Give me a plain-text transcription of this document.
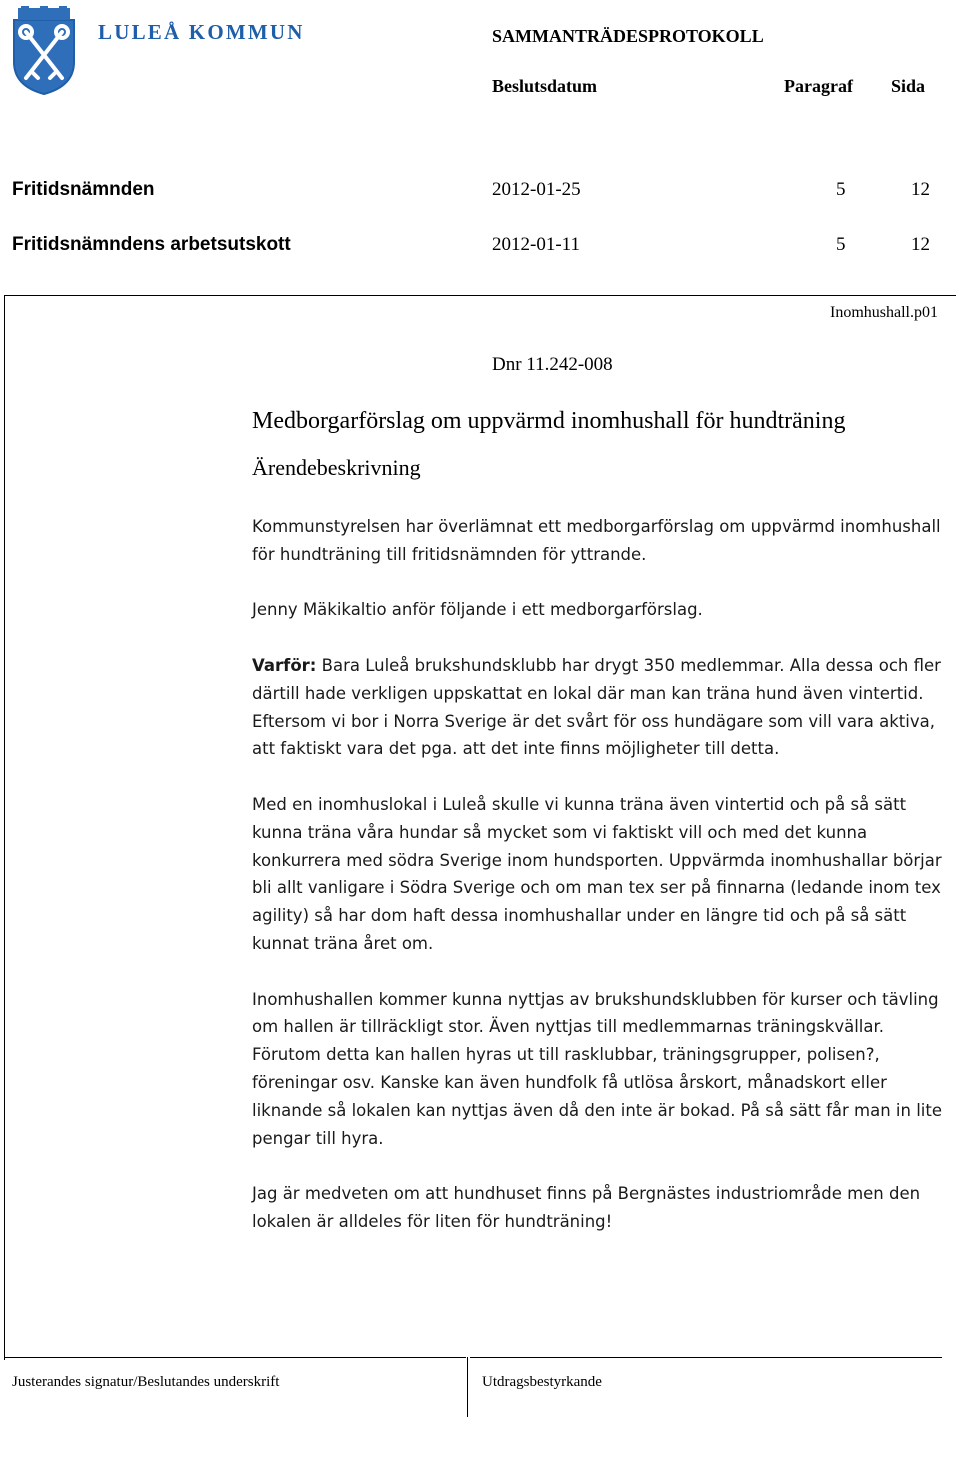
LULEÅ KOMMUN	SAMMANTRÄDESPROTOKOLL
Beslutsdatum	Paragraf Sida
Fritidsnämnden	2012-01-25	5	12
Fritidsnämndens arbetsutskott	2012-01-11	5	12
Inomhushall.p01
Dnr 11.242-008
Medborgarförslag om uppvärmd inomhushall för hundträning
Ärendebeskrivning

Kommunstyrelsen har överlämnat ett medborgarförslag om uppvärmd inomhushall för hundträning till fritidsnämnden för yttrande.

Jenny Mäkikaltio anför följande i ett medborgarförslag.

Varför: Bara Luleå brukshundsklubb har drygt 350 medlemmar. Alla dessa och fler därtill hade verkligen uppskattat en lokal där man kan träna hund även vintertid. Eftersom vi bor i Norra Sverige är det svårt för oss hundägare som vill vara aktiva, att faktiskt vara det pga. att det inte finns möjligheter till detta.

Med en inomhuslokal i Luleå skulle vi kunna träna även vintertid och på så sätt kunna träna våra hundar så mycket som vi faktiskt vill och med det kunna konkurrera med södra Sverige inom hundsporten. Uppvärmda inomhushallar börjar bli allt vanligare i Södra Sverige och om man tex ser på finnarna (ledande inom tex agility) så har dom haft dessa inomhushallar under en längre tid och på så sätt kunnat träna året om.

Inomhushallen kommer kunna nyttjas av brukshundsklubben för kurser och tävling om hallen är tillräckligt stor. Även nyttjas till medlemmarnas träningskvällar. Förutom detta kan hallen hyras ut till rasklubbar, träningsgrupper, polisen?, föreningar osv. Kanske kan även hundfolk få utlösa årskort, månadskort eller liknande så lokalen kan nyttjas även då den inte är bokad. På så sätt får man in lite pengar till hyra.

Jag är medveten om att hundhuset finns på Bergnästes industriområde men den lokalen är alldeles för liten för hundträning!

Justerandes signatur/Beslutandes underskrift	Utdragsbestyrkande
